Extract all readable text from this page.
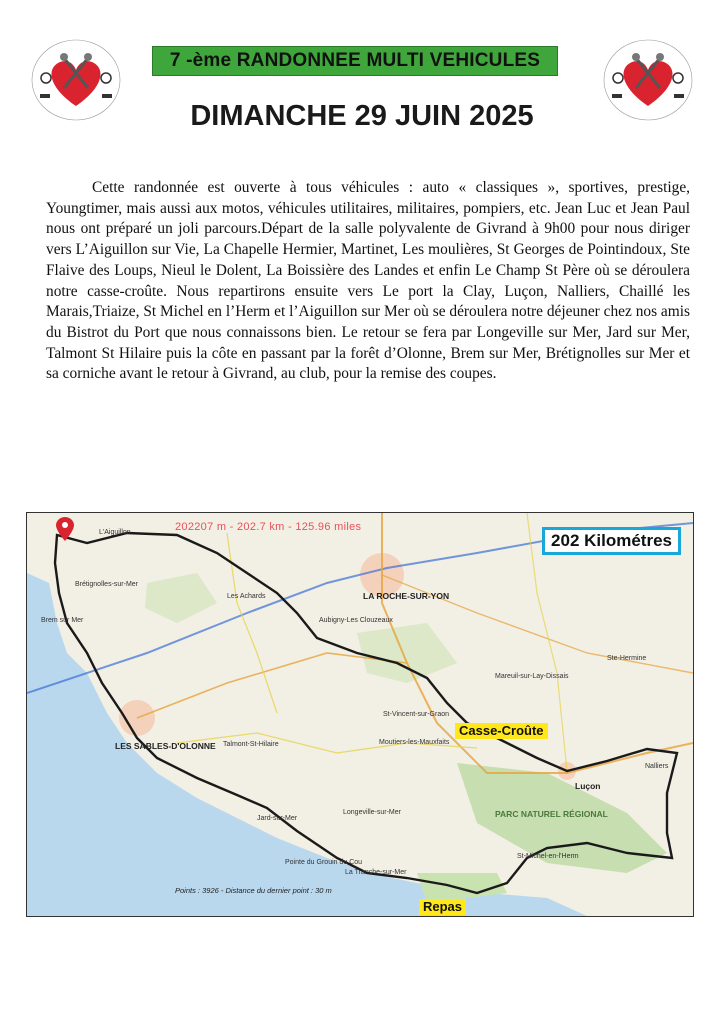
7 -ème RANDONNEE MULTI VEHICULES
DIMANCHE 29 JUIN 2025

Cette randonnée est ouverte à tous véhicules : auto « classiques », sportives, prestige, Youngtimer, mais aussi aux motos, véhicules utilitaires, militaires, pompiers, etc. Jean Luc et Jean Paul nous ont préparé un joli parcours.Départ de la salle polyvalente de Givrand à 9h00 pour nous diriger vers L’Aiguillon sur Vie, La Chapelle Hermier, Martinet, Les moulières, St Georges de Pointindoux, Ste Flaive des Loups, Nieul le Dolent, La Boissière des Landes et enfin Le Champ St Père où se déroulera notre casse-croûte. Nous repartirons ensuite vers Le port la Clay, Luçon, Nalliers, Chaillé les Marais,Triaize, St Michel en l’Herm et l’Aiguillon sur Mer où se déroulera notre déjeuner chez nos amis du Bistrot du Port que nous connaissons bien. Le retour se fera par Longeville sur Mer, Jard sur Mer, Talmont St Hilaire puis la côte en passant par la forêt d’Olonne, Brem sur Mer, Brétignolles sur Mer et sa corniche avant le retour à Givrand, au club, pour la remise des coupes.

202207 m - 202.7 km - 125.96 miles
202 Kilométres
Casse-Croûte
Repas
LA ROCHE-SUR-YON
LES SABLES-D'OLONNE
Luçon
Brem sur Mer
Brétignolles-sur-Mer
Talmont-St-Hilaire
L'Aiguillon
Les Achards
Aubigny-Les Clouzeaux
Mareuil-sur-Lay-Dissais
Nalliers
Longeville-sur-Mer
Jard-sur-Mer
St-Michel-en-l'Herm
La Tranche-sur-Mer
Ste-Hermine
Moutiers-les-Mauxfaits
St-Vincent-sur-Graon
PARC NATUREL RÉGIONAL
Pointe du Grouin du Cou
Points : 3926 - Distance du dernier point : 30 m
